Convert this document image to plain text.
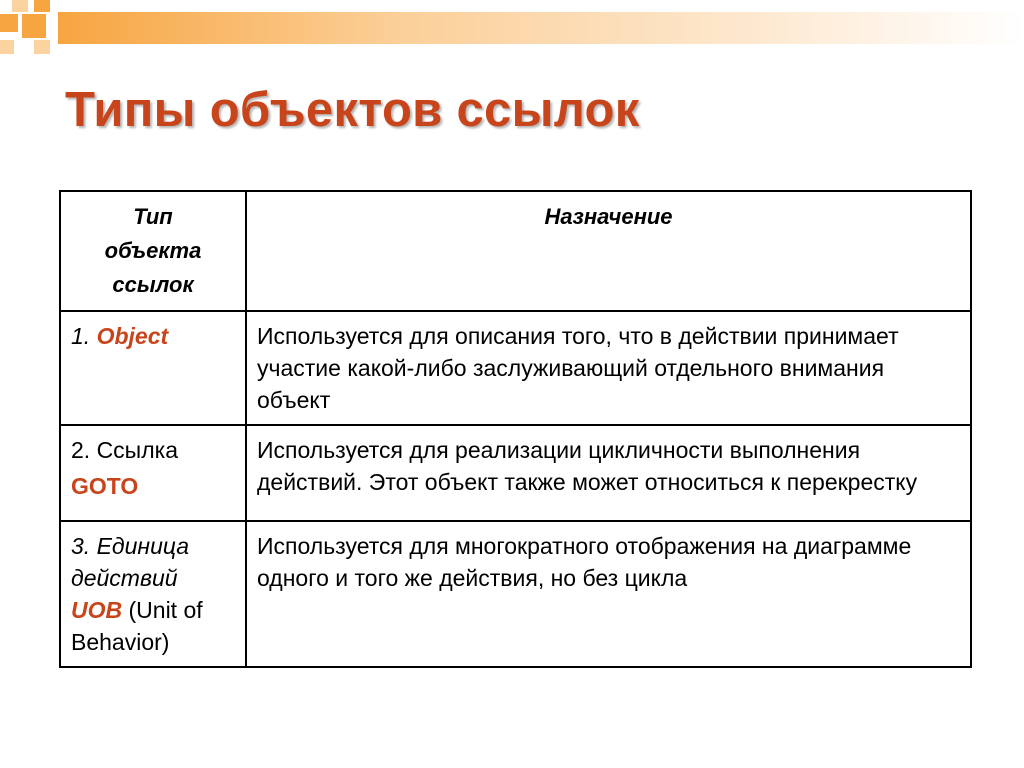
Типы объектов ссылок
Тип
объекта
ссылок	Назначение
1. Object	Используется для описания того, что в действии принимает участие какой-либо заслуживающий отдельного внимания объект

2. Ссылка
GOTO	Используется для реализации цикличности выполнения действий. Этот объект также может относиться к перекрестку
3. Единица действий
UOB (Unit of Behavior)	Используется для многократного отображения на диаграмме одного и того же действия, но без цикла
